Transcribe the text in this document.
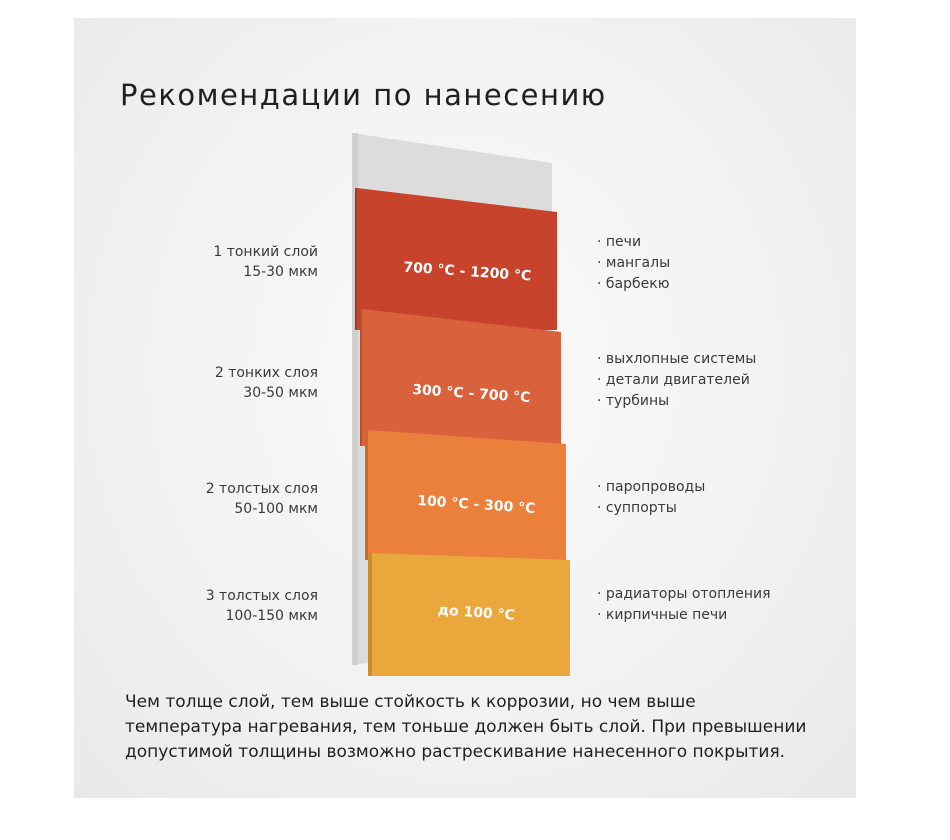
Рекомендации по нанесению
700 °C - 1200 °C
300 °C - 700 °C
100 °C - 300 °C
до 100 °C
1 тонкий слой
15-30 мкм
2 тонких слоя
30-50 мкм
2 толстых слоя
50-100 мкм
3 толстых слоя
100-150 мкм
· печи
· мангалы
· барбекю
· выхлопные системы
· детали двигателей
· турбины
· паропроводы
· суппорты
· радиаторы отопления
· кирпичные печи
Чем толще слой, тем выше стойкость к коррозии, но чем выше температура нагревания, тем тоньше должен быть слой. При превышении допустимой толщины возможно растрескивание нанесенного покрытия.
